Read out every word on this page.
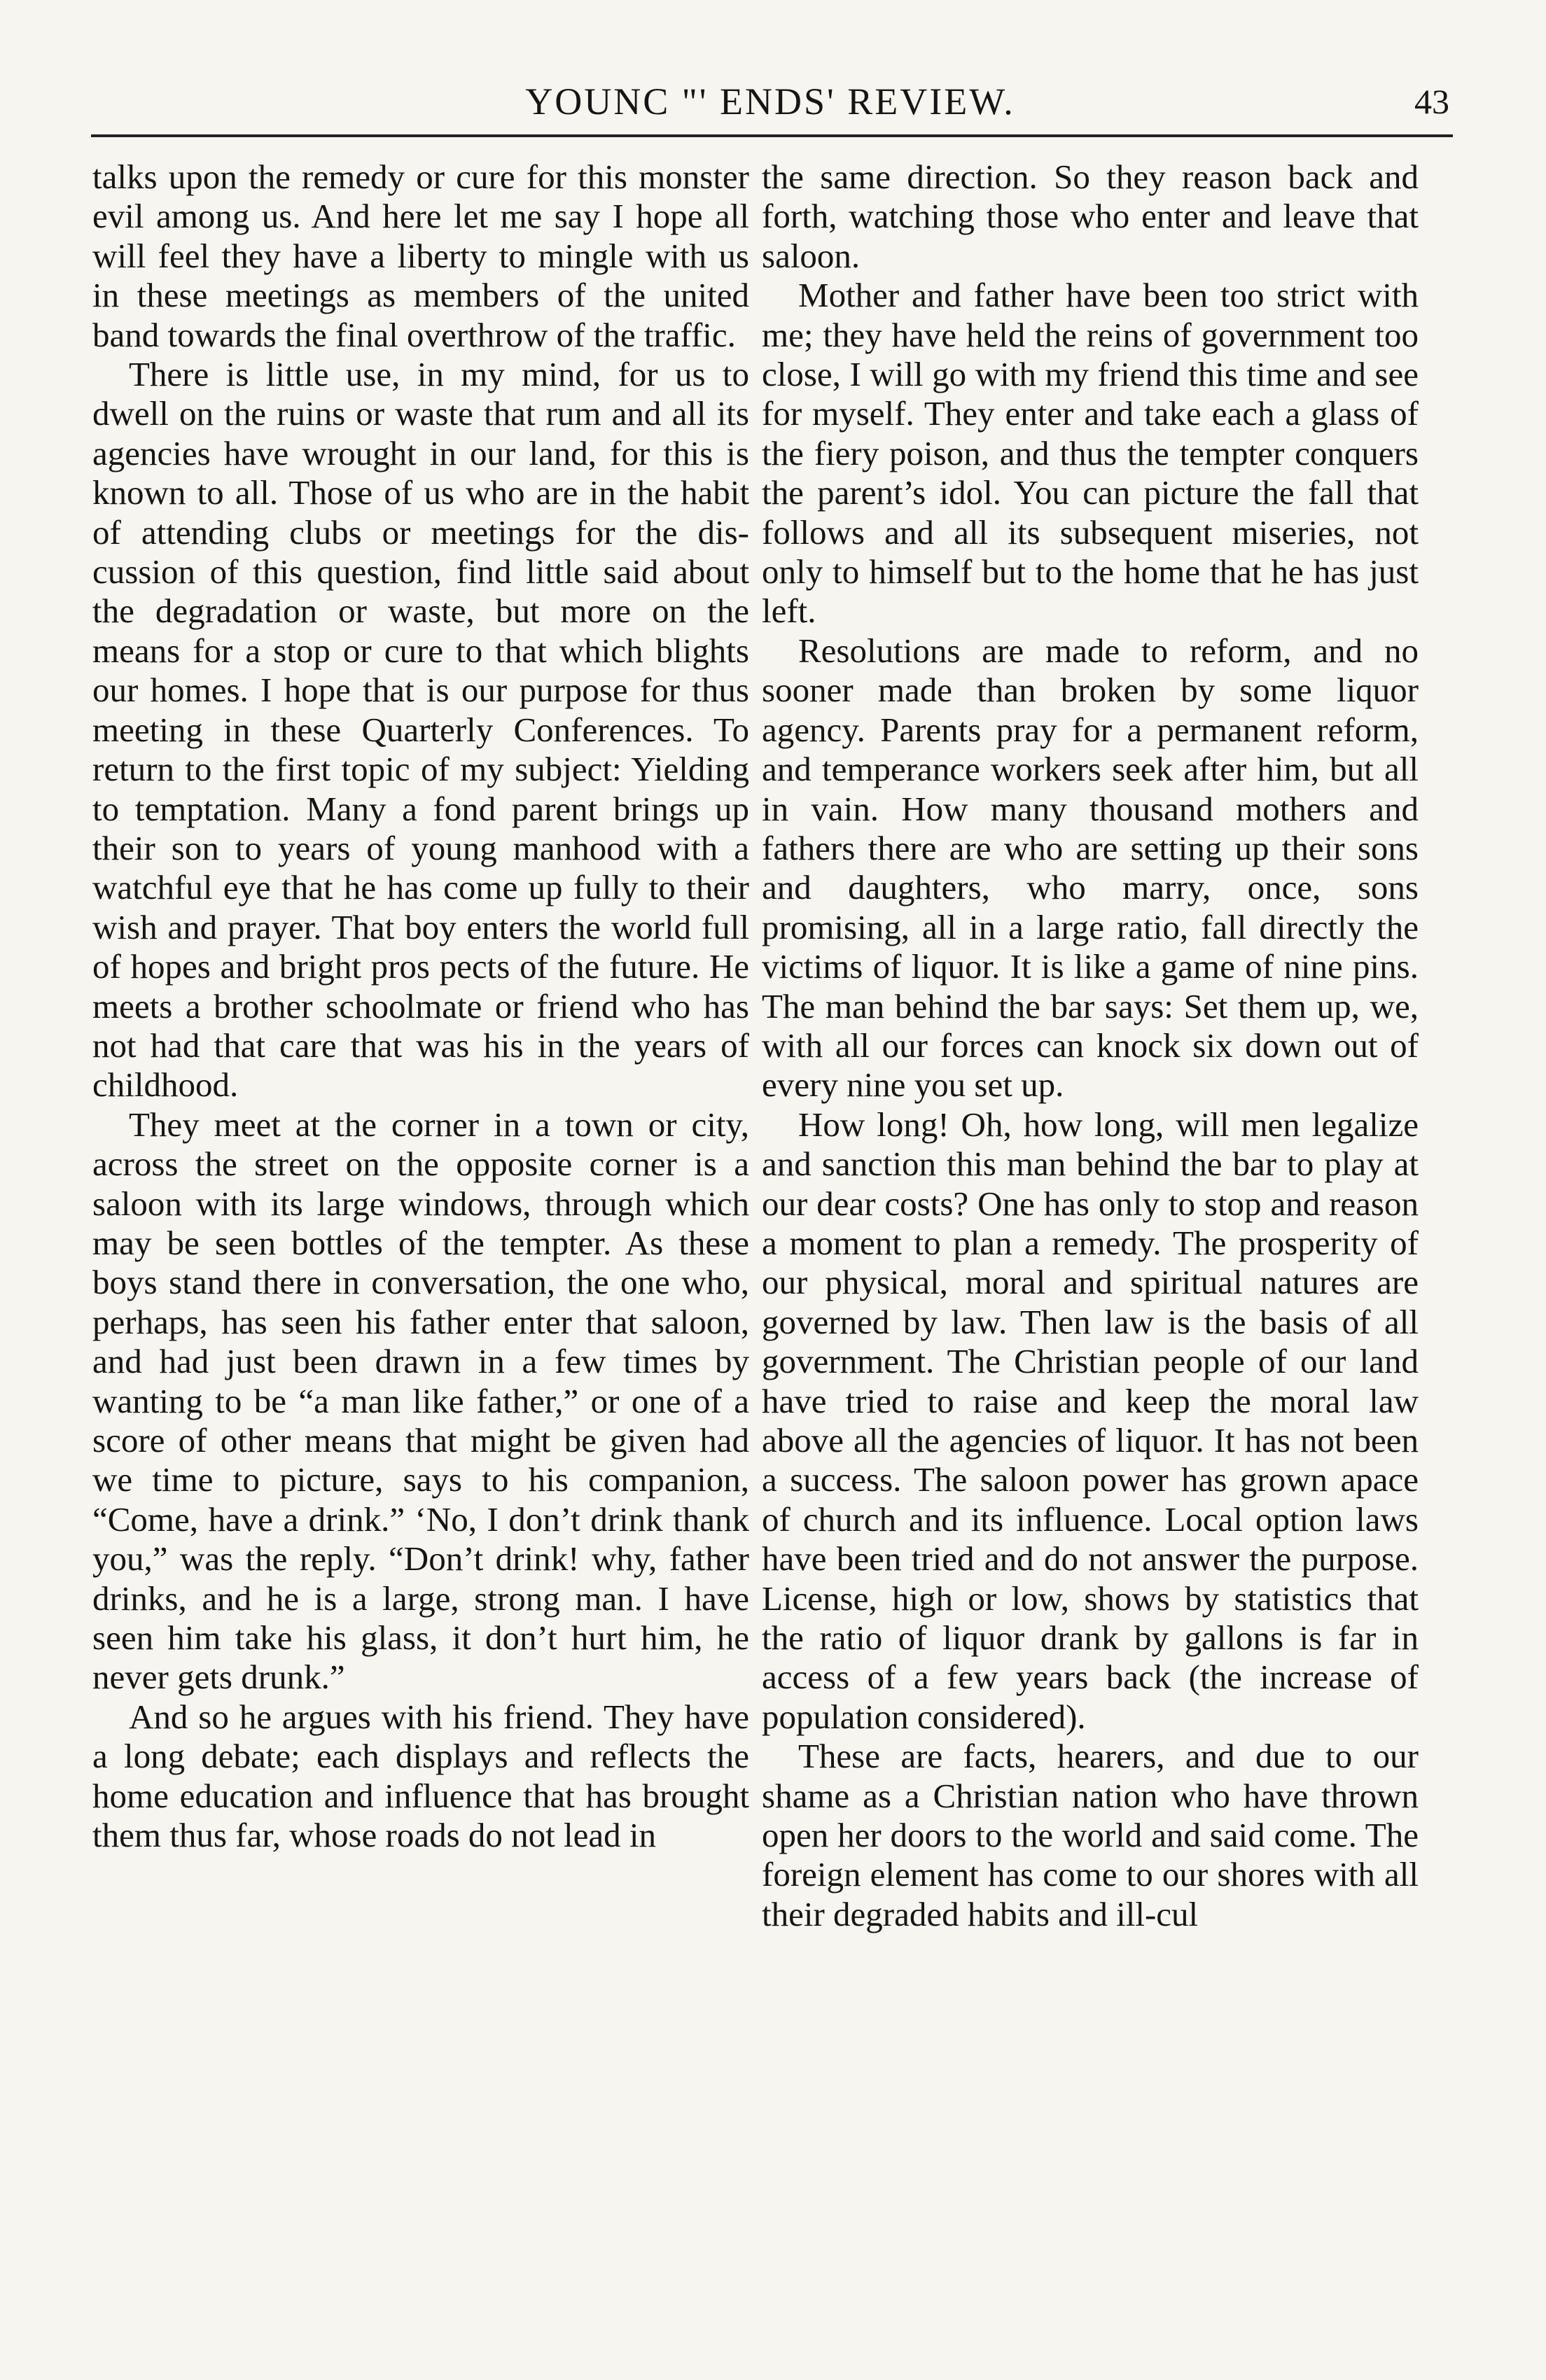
YOUNC "' ENDS' REVIEW.	43

talks upon the remedy or cure for this monster evil among us. And here let me say I hope all will feel they have a liberty to mingle with us in these meetings as members of the united band towards the final overthrow of the traffic.

There is little use, in my mind, for us to dwell on the ruins or waste that rum and all its agencies have wrought in our land, for this is known to all. Those of us who are in the habit of attending clubs or meetings for the discussion of this question, find little said about the degradation or waste, but more on the means for a stop or cure to that which blights our homes. I hope that is our purpose for thus meeting in these Quarterly Conferences. To return to the first topic of my subject: Yielding to temptation. Many a fond parent brings up their son to years of young manhood with a watchful eye that he has come up fully to their wish and prayer. That boy enters the world full of hopes and bright pros pects of the future. He meets a brother schoolmate or friend who has not had that care that was his in the years of childhood.

They meet at the corner in a town or city, across the street on the opposite corner is a saloon with its large windows, through which may be seen bottles of the tempter. As these boys stand there in conversation, the one who, perhaps, has seen his father enter that saloon, and had just been drawn in a few times by wanting to be “a man like father,” or one of a score of other means that might be given had we time to picture, says to his companion, “Come, have a drink.” ‘No, I don’t drink thank you,” was the reply. “Don’t drink! why, father drinks, and he is a large, strong man. I have seen him take his glass, it don’t hurt him, he never gets drunk.”

And so he argues with his friend. They have a long debate; each displays and reflects the home education and influence that has brought them thus far, whose roads do not lead in

the same direction. So they reason back and forth, watching those who enter and leave that saloon.

Mother and father have been too strict with me; they have held the reins of government too close, I will go with my friend this time and see for myself. They enter and take each a glass of the fiery poison, and thus the tempter conquers the parent’s idol. You can picture the fall that follows and all its subsequent miseries, not only to himself but to the home that he has just left.

Resolutions are made to reform, and no sooner made than broken by some liquor agency. Parents pray for a permanent reform, and temperance workers seek after him, but all in vain. How many thousand mothers and fathers there are who are setting up their sons and daughters, who marry, once, sons promising, all in a large ratio, fall directly the victims of liquor. It is like a game of nine pins. The man behind the bar says: Set them up, we, with all our forces can knock six down out of every nine you set up.

How long! Oh, how long, will men legalize and sanction this man behind the bar to play at our dear costs? One has only to stop and reason a moment to plan a remedy. The prosperity of our physical, moral and spiritual natures are governed by law. Then law is the basis of all government. The Christian people of our land have tried to raise and keep the moral law above all the agencies of liquor. It has not been a success. The saloon power has grown apace of church and its influence. Local option laws have been tried and do not answer the purpose. License, high or low, shows by statistics that the ratio of liquor drank by gallons is far in access of a few years back (the increase of population considered).

These are facts, hearers, and due to our shame as a Christian nation who have thrown open her doors to the world and said come. The foreign element has come to our shores with all their degraded habits and ill-cul
